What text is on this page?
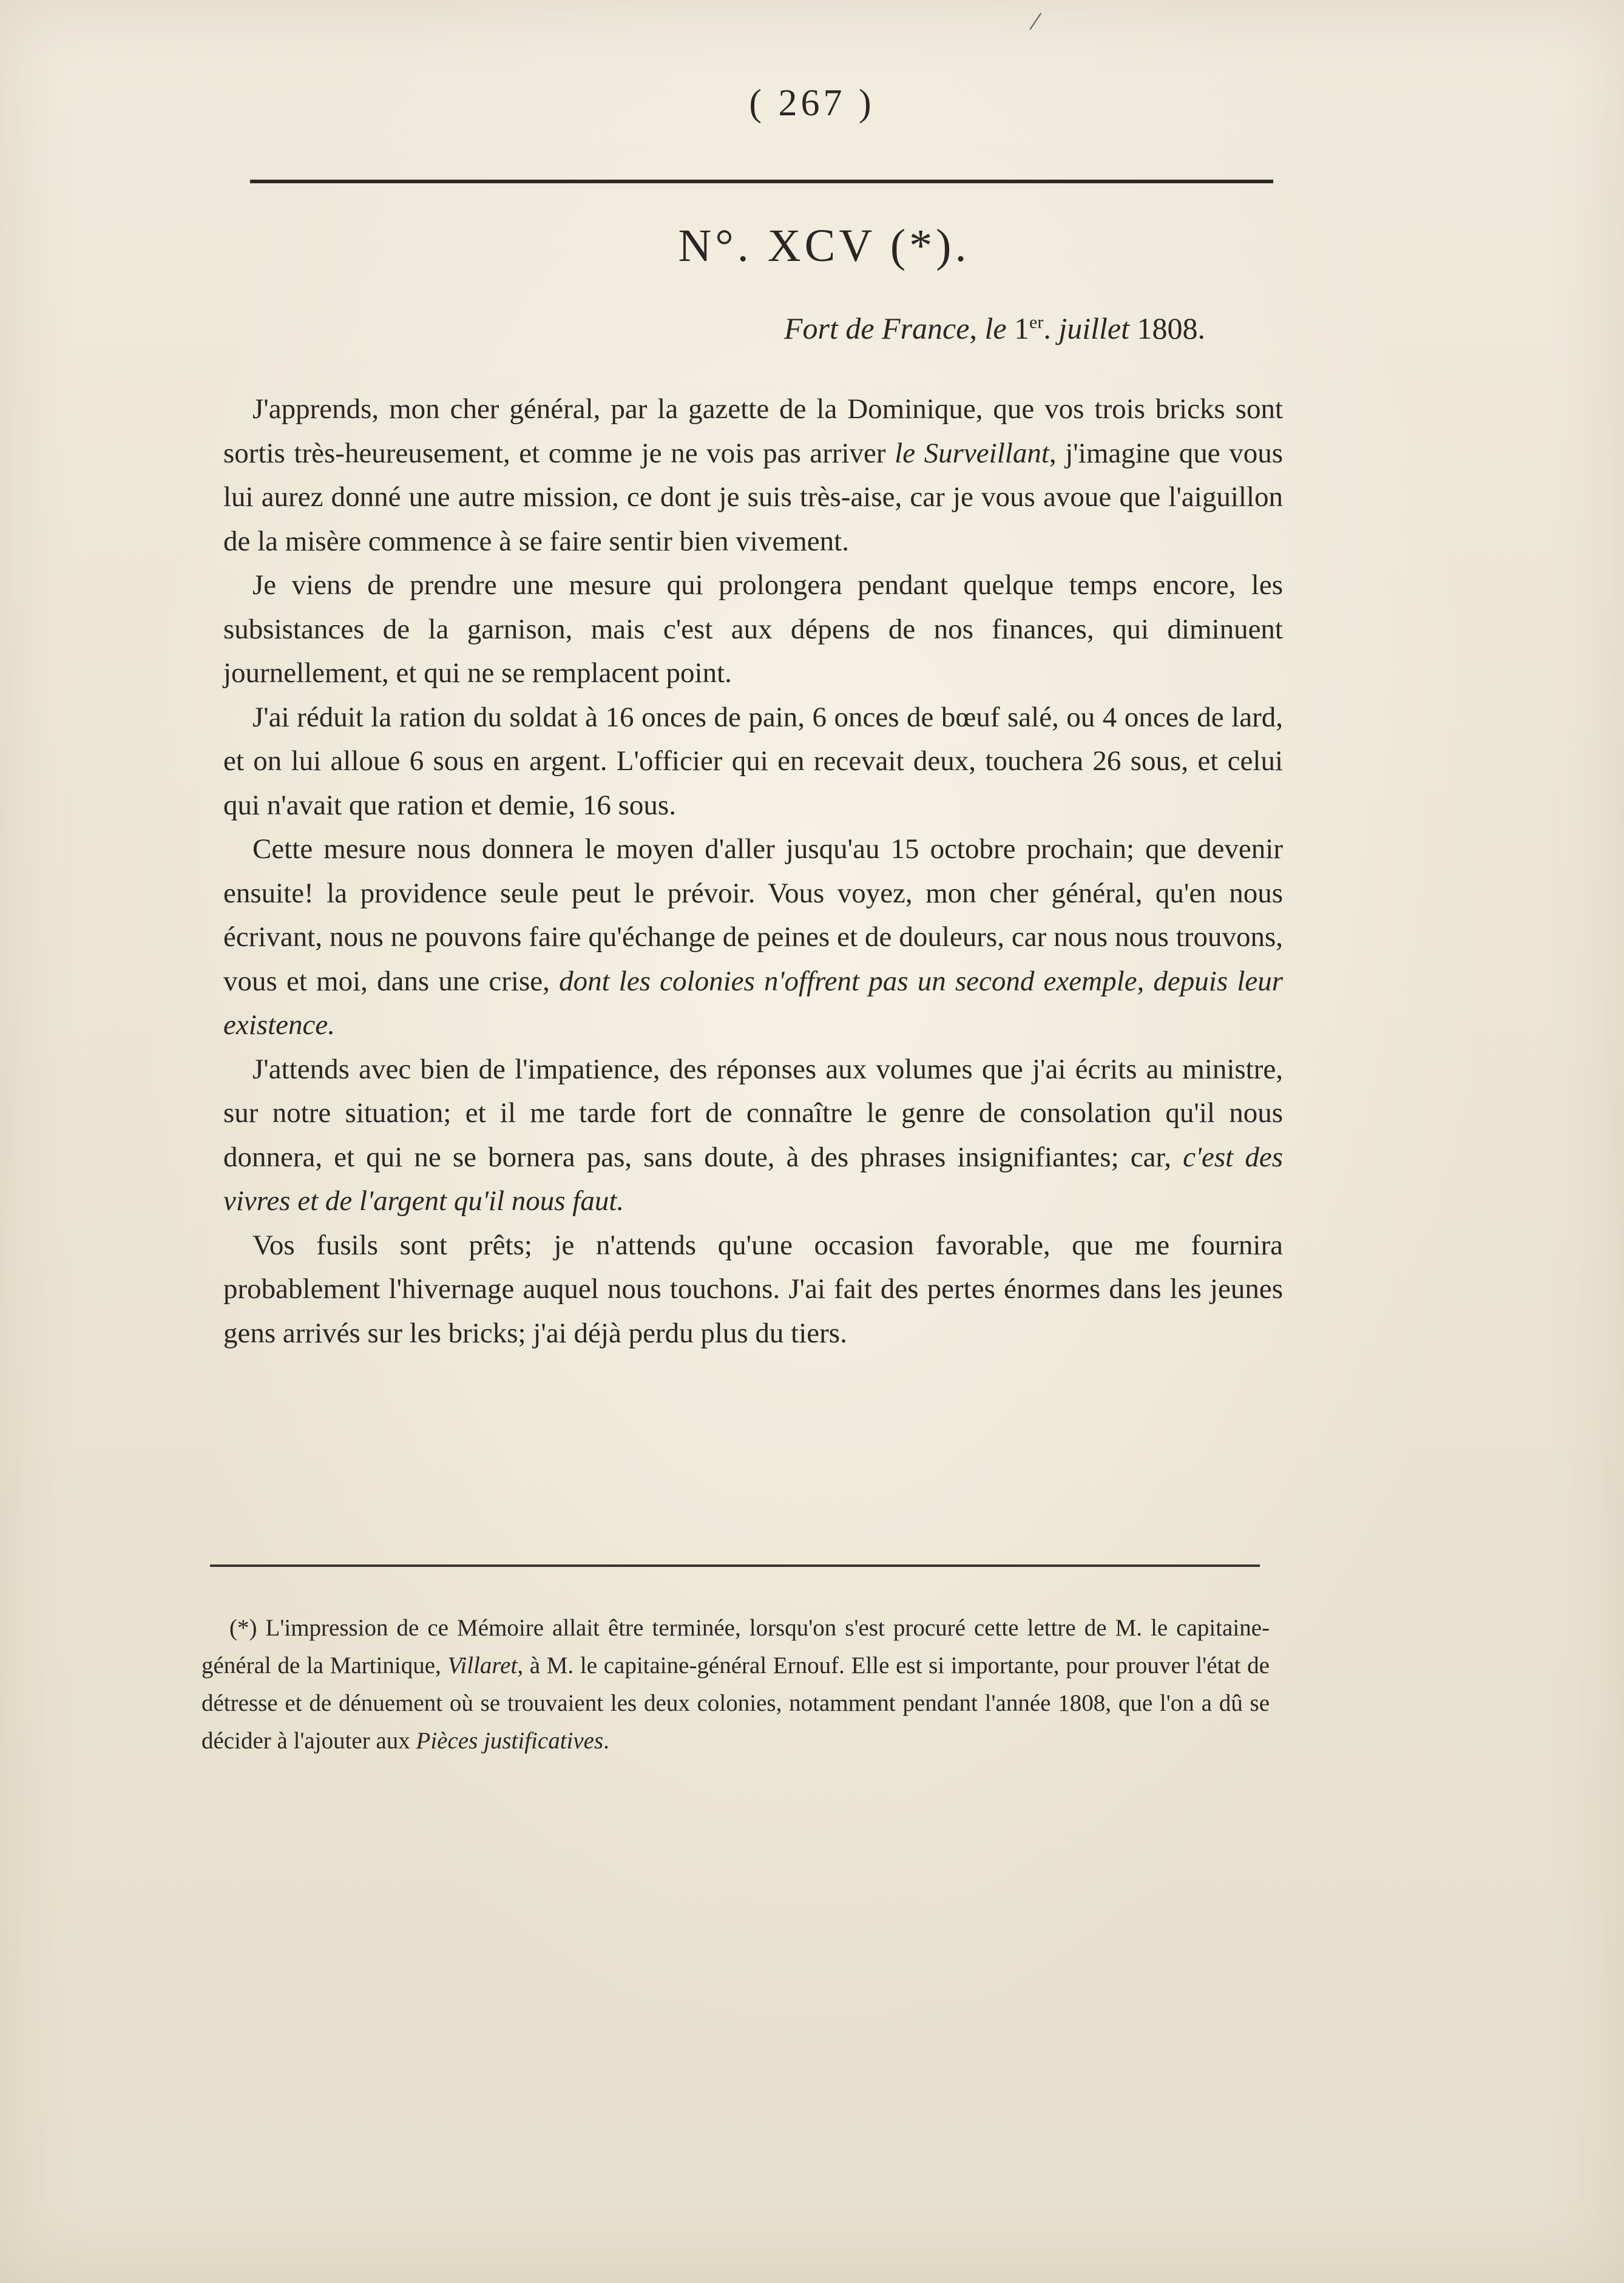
( 267 )
N°. XCV (*).
Fort de France, le 1er. juillet 1808.

J'apprends, mon cher général, par la gazette de la Dominique, que vos trois bricks sont sortis très-heureusement, et comme je ne vois pas arriver le Surveillant, j'imagine que vous lui aurez donné une autre mission, ce dont je suis très-aise, car je vous avoue que l'aiguillon de la misère commence à se faire sentir bien vivement.

Je viens de prendre une mesure qui prolongera pendant quelque temps encore, les subsistances de la garnison, mais c'est aux dépens de nos finances, qui diminuent journellement, et qui ne se remplacent point.

J'ai réduit la ration du soldat à 16 onces de pain, 6 onces de bœuf salé, ou 4 onces de lard, et on lui alloue 6 sous en argent. L'officier qui en recevait deux, touchera 26 sous, et celui qui n'avait que ration et demie, 16 sous.

Cette mesure nous donnera le moyen d'aller jusqu'au 15 octobre prochain; que devenir ensuite! la providence seule peut le prévoir. Vous voyez, mon cher général, qu'en nous écrivant, nous ne pouvons faire qu'échange de peines et de douleurs, car nous nous trouvons, vous et moi, dans une crise, dont les colonies n'offrent pas un second exemple, depuis leur existence.

J'attends avec bien de l'impatience, des réponses aux volumes que j'ai écrits au ministre, sur notre situation; et il me tarde fort de connaître le genre de consolation qu'il nous donnera, et qui ne se bornera pas, sans doute, à des phrases insignifiantes; car, c'est des vivres et de l'argent qu'il nous faut.

Vos fusils sont prêts; je n'attends qu'une occasion favorable, que me fournira probablement l'hivernage auquel nous touchons. J'ai fait des pertes énormes dans les jeunes gens arrivés sur les bricks; j'ai déjà perdu plus du tiers.

(*) L'impression de ce Mémoire allait être terminée, lorsqu'on s'est procuré cette lettre de M. le capitaine-général de la Martinique, Villaret, à M. le capitaine-général Ernouf. Elle est si importante, pour prouver l'état de détresse et de dénuement où se trouvaient les deux colonies, notamment pendant l'année 1808, que l'on a dû se décider à l'ajouter aux Pièces justificatives.

/
